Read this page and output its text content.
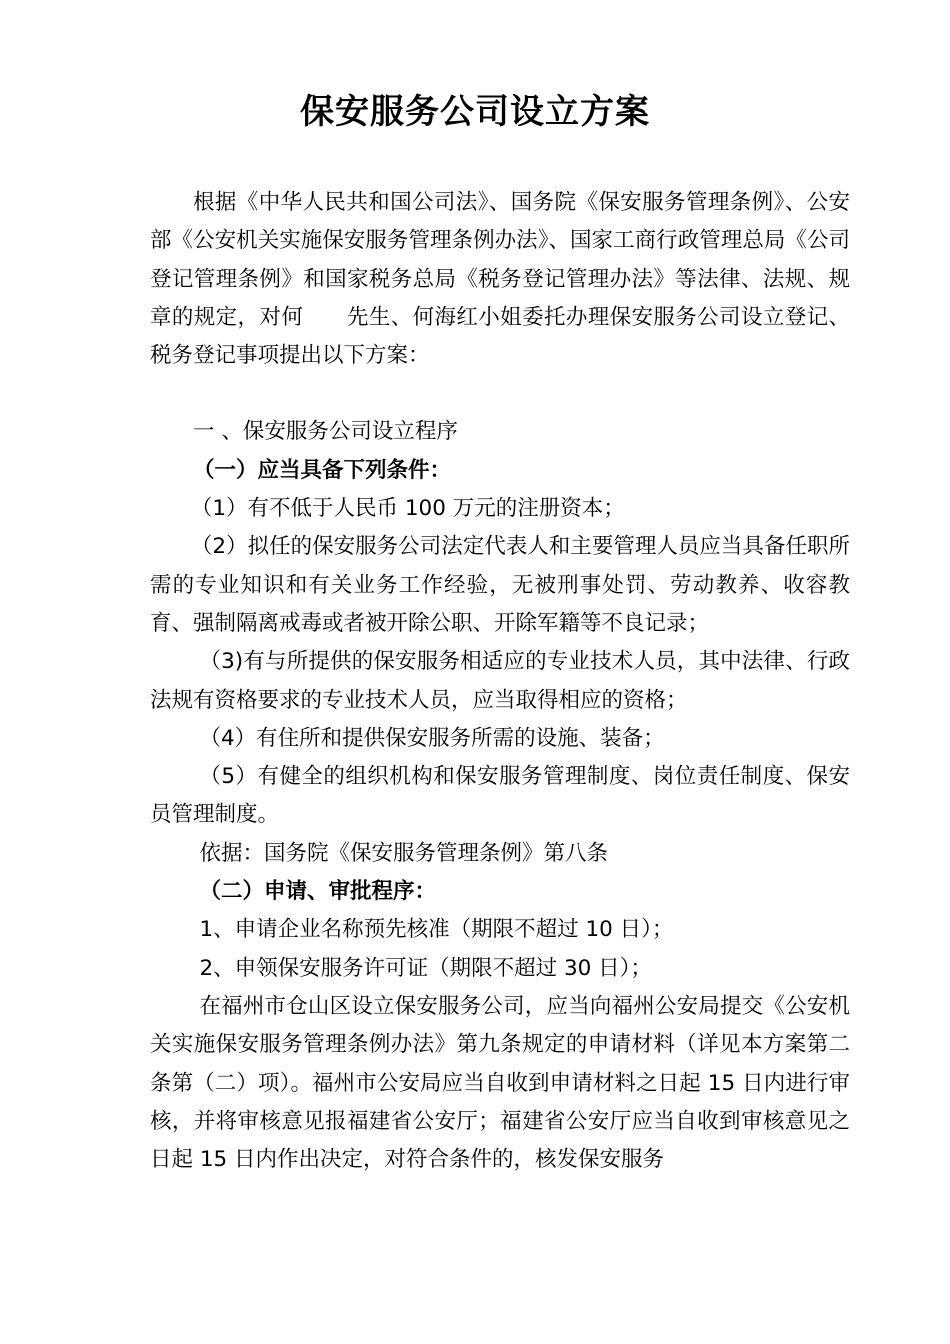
保安服务公司设立方案

根据《中华人民共和国公司法》、国务院《保安服务管理条例》、公安部《公安机关实施保安服务管理条例办法》、国家工商行政管理总局《公司登记管理条例》和国家税务总局《税务登记管理办法》等法律、法规、规章的规定，对何　　先生、何海红小姐委托办理保安服务公司设立登记、税务登记事项提出以下方案：

一 、保安服务公司设立程序

（一）应当具备下列条件：

（1）有不低于人民币 100 万元的注册资本；

（2）拟任的保安服务公司法定代表人和主要管理人员应当具备任职所需的专业知识和有关业务工作经验，无被刑事处罚、劳动教养、收容教育、强制隔离戒毒或者被开除公职、开除军籍等不良记录；

（3)有与所提供的保安服务相适应的专业技术人员，其中法律、行政法规有资格要求的专业技术人员，应当取得相应的资格；

（4）有住所和提供保安服务所需的设施、装备；

（5）有健全的组织机构和保安服务管理制度、岗位责任制度、保安员管理制度。

依据：国务院《保安服务管理条例》第八条

（二）申请、审批程序：

1、申请企业名称预先核准（期限不超过 10 日）；

2、申领保安服务许可证（期限不超过 30 日）；

在福州市仓山区设立保安服务公司，应当向福州公安局提交《公安机关实施保安服务管理条例办法》第九条规定的申请材料（详见本方案第二条第（二）项）。福州市公安局应当自收到申请材料之日起 15 日内进行审核，并将审核意见报福建省公安厅；福建省公安厅应当自收到审核意见之日起 15 日内作出决定，对符合条件的，核发保安服务
